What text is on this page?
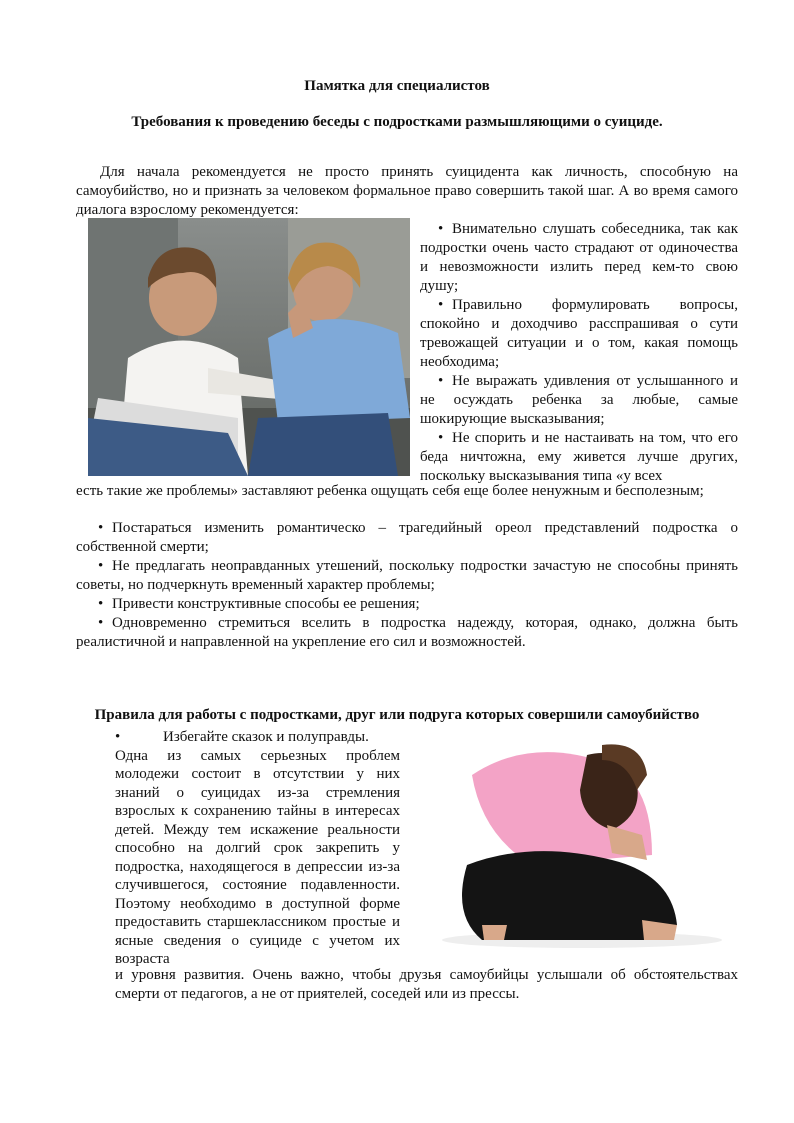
Памятка для специалистов
Требования к проведению беседы с подростками размышляющими о суициде.

Для начала рекомендуется не просто принять суицидента как личность, способную на самоубийство, но и признать за человеком формальное право совершить такой шаг. А во время самого диалога взрослому рекомендуется:

• Внимательно слушать собеседника, так как подростки очень часто страдают от одиночества и невозможности излить перед кем-то свою душу;

• Правильно формулировать вопросы, спокойно и доходчиво расспрашивая о сути тревожащей ситуации и о том, какая помощь необходима;

• Не выражать удивления от услышанного и не осуждать ребенка за любые, самые шокирующие высказывания;

• Не спорить и не настаивать на том, что его беда ничтожна, ему живется лучше других, поскольку высказывания типа «у всех

есть такие же проблемы» заставляют ребенка ощущать себя еще более ненужным и бесполезным;

• Постараться изменить романтическо – трагедийный ореол представлений подростка о собственной смерти;

• Не предлагать неоправданных утешений, поскольку подростки зачастую не способны принять советы, но подчеркнуть временный характер проблемы;

• Привести конструктивные способы ее решения;

• Одновременно стремиться вселить в подростка надежду, которая, однако, должна быть реалистичной и направленной на укрепление его сил и возможностей.

Правила для работы с подростками, друг или подруга которых совершили самоубийство
•	Избегайте сказок и полуправды.
Одна из самых серьезных проблем молодежи состоит в отсутствии у них знаний о суицидах из-за стремления взрослых к сохранению тайны в интересах детей. Между тем искажение реальности способно на долгий срок закрепить у подростка, находящегося в депрессии из-за случившегося, состояние подавленности. Поэтому необходимо в доступной форме предоставить старшеклассником простые и ясные сведения о суициде с учетом их возраста

и уровня развития. Очень важно, чтобы друзья самоубийцы услышали об обстоятельствах смерти от педагогов, а не от приятелей, соседей или из прессы.
